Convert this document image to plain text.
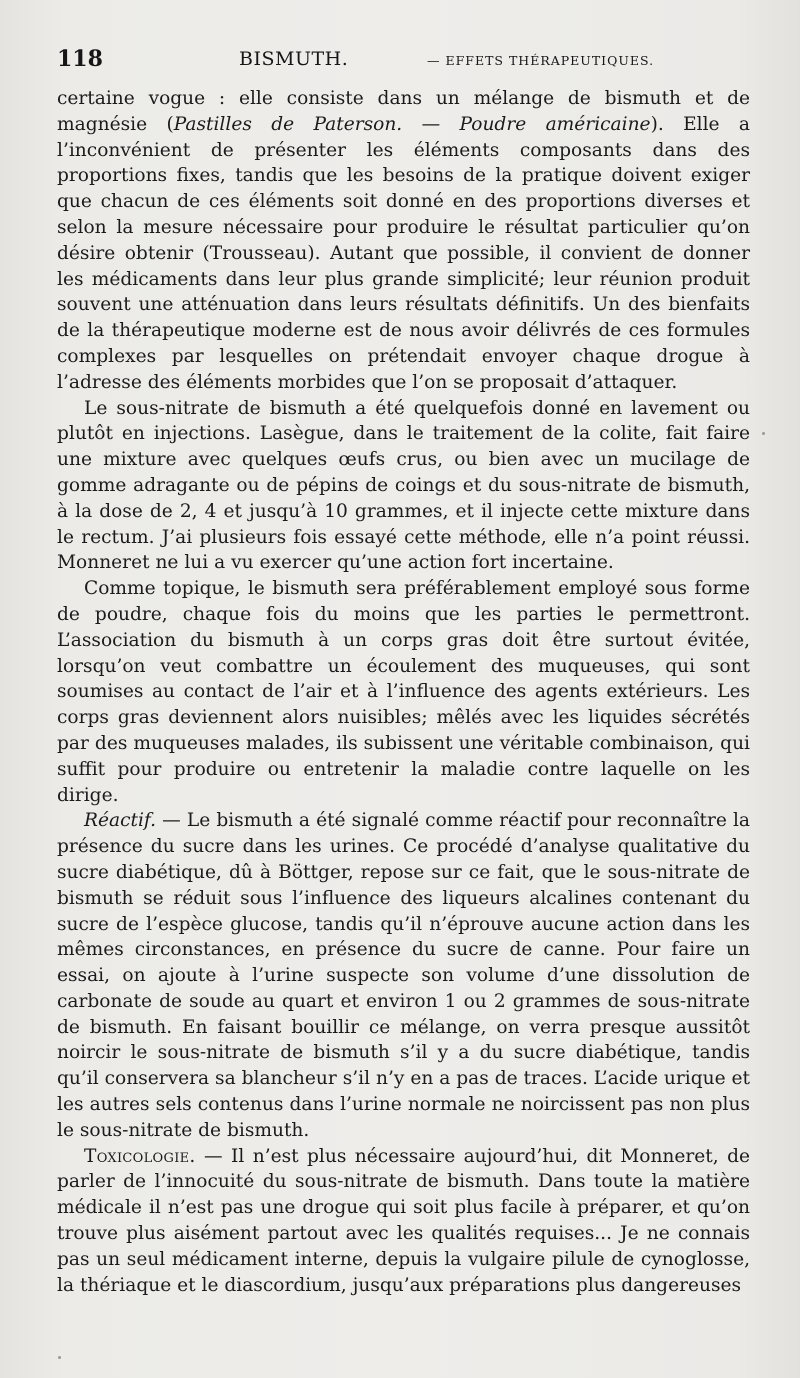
118	BISMUTH.	— EFFETS THÉRAPEUTIQUES.

certaine vogue : elle consiste dans un mélange de bismuth et de magnésie (Pastilles de Paterson. — Poudre américaine). Elle a l’inconvénient de présenter les éléments composants dans des proportions fixes, tandis que les besoins de la pratique doivent exiger que chacun de ces éléments soit donné en des proportions diverses et selon la mesure nécessaire pour produire le résultat particulier qu’on désire obtenir (Trousseau). Autant que possible, il convient de donner les médicaments dans leur plus grande simplicité; leur réunion produit souvent une atténuation dans leurs résultats définitifs. Un des bienfaits de la thérapeutique moderne est de nous avoir délivrés de ces formules complexes par lesquelles on prétendait envoyer chaque drogue à l’adresse des éléments morbides que l’on se proposait d’attaquer.

Le sous-nitrate de bismuth a été quelquefois donné en lavement ou plutôt en injections. Lasègue, dans le traitement de la colite, fait faire une mixture avec quelques œufs crus, ou bien avec un mucilage de gomme adragante ou de pépins de coings et du sous-nitrate de bismuth, à la dose de 2, 4 et jusqu’à 10 grammes, et il injecte cette mixture dans le rectum. J’ai plusieurs fois essayé cette méthode, elle n’a point réussi. Monneret ne lui a vu exercer qu’une action fort incertaine.

Comme topique, le bismuth sera préférablement employé sous forme de poudre, chaque fois du moins que les parties le permettront. L’association du bismuth à un corps gras doit être surtout évitée, lorsqu’on veut combattre un écoulement des muqueuses, qui sont soumises au contact de l’air et à l’influence des agents extérieurs. Les corps gras deviennent alors nuisibles; mêlés avec les liquides sécrétés par des muqueuses malades, ils subissent une véritable combinaison, qui suffit pour produire ou entretenir la maladie contre laquelle on les dirige.

Réactif. — Le bismuth a été signalé comme réactif pour reconnaître la présence du sucre dans les urines. Ce procédé d’analyse qualitative du sucre diabétique, dû à Böttger, repose sur ce fait, que le sous-nitrate de bismuth se réduit sous l’influence des liqueurs alcalines contenant du sucre de l’espèce glucose, tandis qu’il n’éprouve aucune action dans les mêmes circonstances, en présence du sucre de canne. Pour faire un essai, on ajoute à l’urine suspecte son volume d’une dissolution de carbonate de soude au quart et environ 1 ou 2 grammes de sous-nitrate de bismuth. En faisant bouillir ce mélange, on verra presque aussitôt noircir le sous-nitrate de bismuth s’il y a du sucre diabétique, tandis qu’il conservera sa blancheur s’il n’y en a pas de traces. L’acide urique et les autres sels contenus dans l’urine normale ne noircissent pas non plus le sous-nitrate de bismuth.

Toxicologie. — Il n’est plus nécessaire aujourd’hui, dit Monneret, de parler de l’innocuité du sous-nitrate de bismuth. Dans toute la matière médicale il n’est pas une drogue qui soit plus facile à préparer, et qu’on trouve plus aisément partout avec les qualités requises... Je ne connais pas un seul médicament interne, depuis la vulgaire pilule de cynoglosse, la thériaque et le diascordium, jusqu’aux préparations plus dangereuses
